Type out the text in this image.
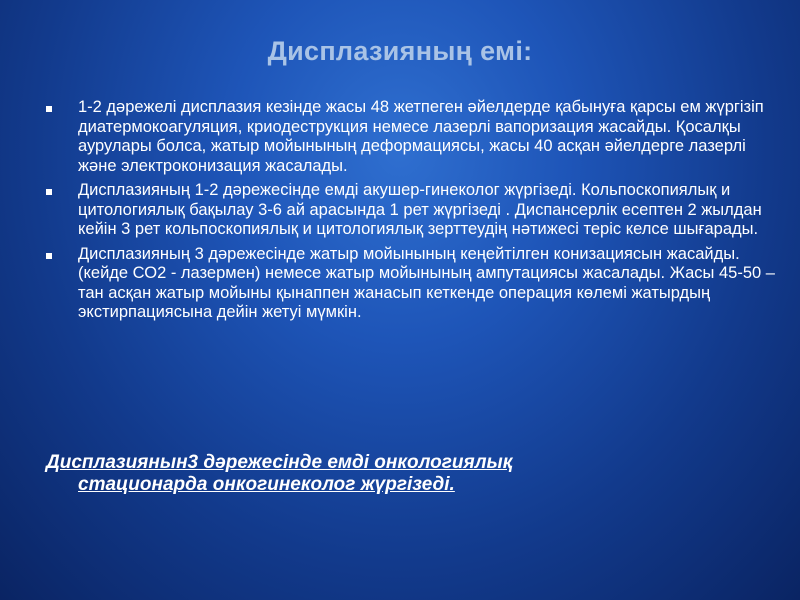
Дисплазияның емі:
1-2 дәрежелі дисплазия кезінде жасы 48 жетпеген әйелдерде қабынуға қарсы ем жүргізіп диатермокоагуляция, криодеструкция немесе лазерлі вапоризация жасайды. Қосалқы аурулары болса, жатыр мойынының деформациясы, жасы 40 асқан әйелдерге лазерлі және электроконизация жасалады.
Дисплазияның 1-2 дәрежесінде емді акушер-гинеколог жүргізеді. Кольпоскопиялық и цитологиялық бақылау 3-6 ай арасында 1 рет жүргізеді . Диспансерлік есептен 2 жылдан кейін 3 рет кольпоскопиялық и цитологиялық зерттеудің нәтижесі теріс келсе шығарады.
Дисплазияның 3 дәрежесінде жатыр мойынының кеңейтілген конизациясын жасайды. (кейде СО2 - лазермен) немесе жатыр мойынының ампутациясы жасалады. Жасы 45-50 –тан асқан жатыр мойыны қынаппен жанасып кеткенде операция көлемі жатырдың экстирпациясына дейін жетуі мүмкін.
Дисплазиянын3 дәрежесінде емді онкологиялық
стационарда онкогинеколог жүргізеді.
